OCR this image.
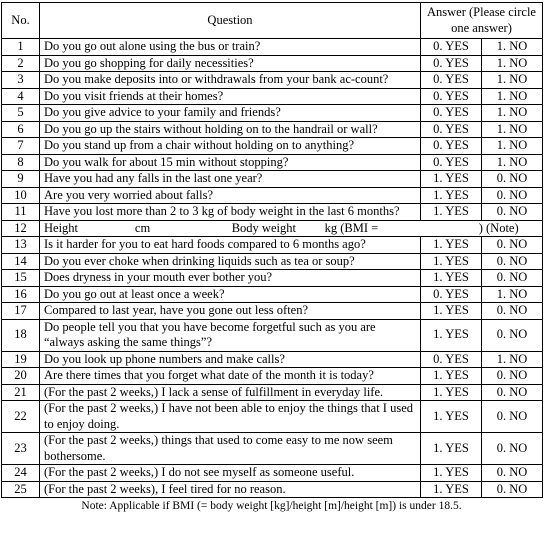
No.	Question	Answer (Please circle one answer)	
1	Do you go out alone using the bus or train?	0. YES	1. NO
2	Do you go shopping for daily necessities?	0. YES	1. NO
3	Do you make deposits into or withdrawals from your bank ac-count?	0. YES	1. NO
4	Do you visit friends at their homes?	0. YES	1. NO
5	Do you give advice to your family and friends?	0. YES	1. NO
6	Do you go up the stairs without holding on to the handrail or wall?	0. YES	1. NO
7	Do you stand up from a chair without holding on to anything?	0. YES	1. NO
8	Do you walk for about 15 min without stopping?	0. YES	1. NO
9	Have you had any falls in the last one year?	1. YES	0. NO
10	Are you very worried about falls?	1. YES	0. NO
11	Have you lost more than 2 to 3 kg of body weight in the last 6 months?	1. YES	0. NO
12	Height cm Body weight kg (BMI = ) (Note)		

13	Is it harder for you to eat hard foods compared to 6 months ago?	1. YES	0. NO
14	Do you ever choke when drinking liquids such as tea or soup?	1. YES	0. NO
15	Does dryness in your mouth ever bother you?	1. YES	0. NO
16	Do you go out at least once a week?	0. YES	1. NO
17	Compared to last year, have you gone out less often?	1. YES	0. NO
18	Do people tell you that you have become forgetful such as you are “always asking the same things”?	1. YES	0. NO
19	Do you look up phone numbers and make calls?	0. YES	1. NO
20	Are there times that you forget what date of the month it is today?	1. YES	0. NO
21	(For the past 2 weeks,) I lack a sense of fulfillment in everyday life.	1. YES	0. NO
22	(For the past 2 weeks,) I have not been able to enjoy the things that I used to enjoy doing.	1. YES	0. NO
23	(For the past 2 weeks,) things that used to come easy to me now seem bothersome.	1. YES	0. NO
24	(For the past 2 weeks,) I do not see myself as someone useful.	1. YES	0. NO
25	(For the past 2 weeks), I feel tired for no reason.	1. YES	0. NO
Note: Applicable if BMI (= body weight [kg]/height [m]/height [m]) is under 18.5.
